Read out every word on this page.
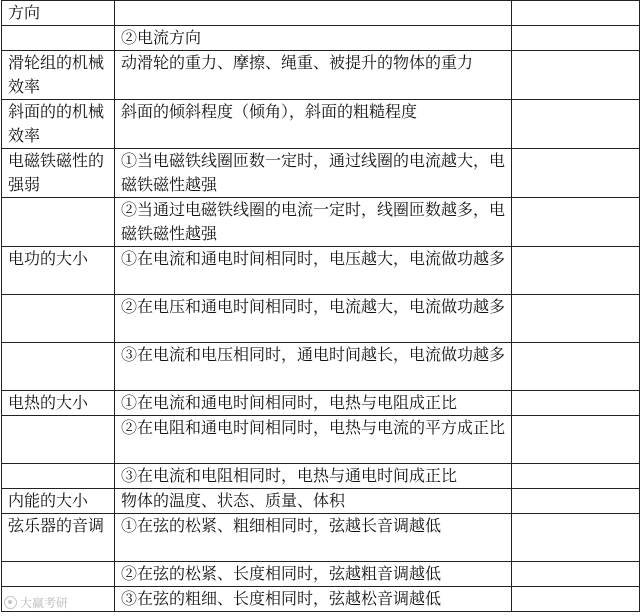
方向		
	②电流方向	
滑轮组的机械效率	动滑轮的重力、摩擦、绳重、被提升的物体的重力	
斜面的的机械效率	斜面的倾斜程度（倾角），斜面的粗糙程度	
电磁铁磁性的强弱	①当电磁铁线圈匝数一定时，通过线圈的电流越大，电磁铁磁性越强	
	②当通过电磁铁线圈的电流一定时，线圈匝数越多，电磁铁磁性越强	
电功的大小	①在电流和通电时间相同时，电压越大，电流做功越多	
	②在电压和通电时间相同时，电流越大，电流做功越多	
	③在电流和电压相同时，通电时间越长，电流做功越多	
电热的大小	①在电流和通电时间相同时，电热与电阻成正比	
	②在电阻和通电时间相同时，电热与电流的平方成正比	
	③在电流和电阻相同时，电热与通电时间成正比	
内能的大小	物体的温度、状态、质量、体积	
弦乐器的音调	①在弦的松紧、粗细相同时，弦越长音调越低	
	②在弦的松紧、长度相同时，弦越粗音调越低	
	③在弦的粗细、长度相同时，弦越松音调越低	
大赢考研
